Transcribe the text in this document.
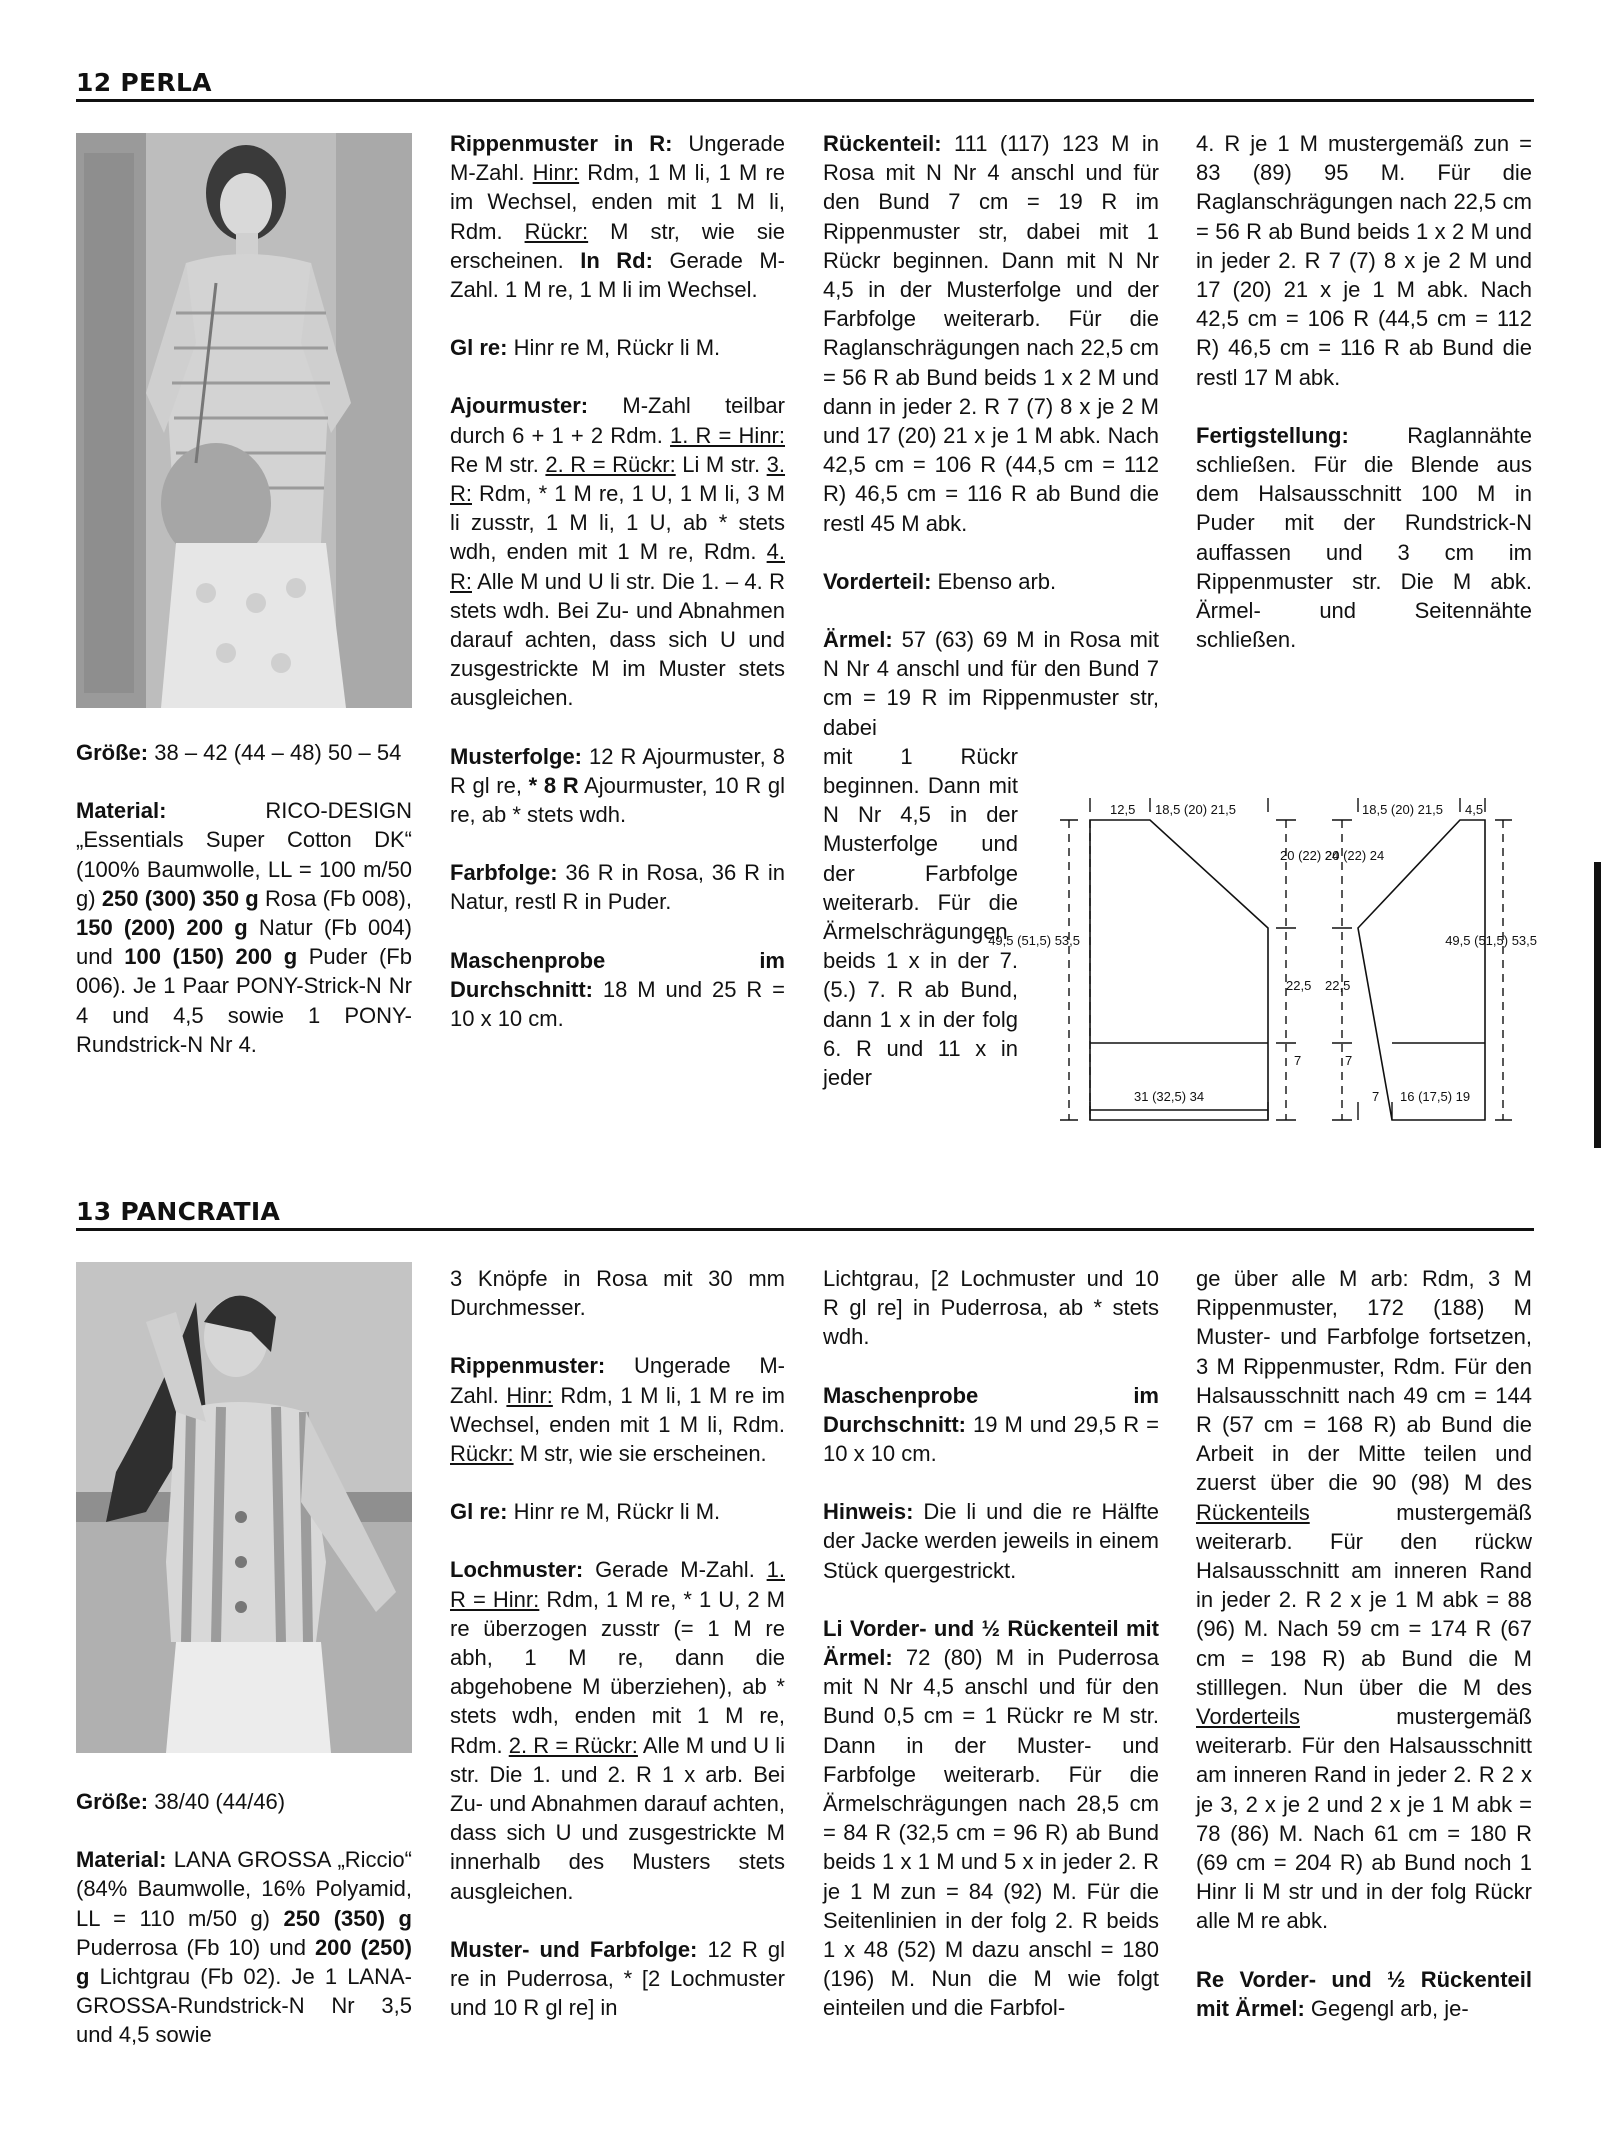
12 PERLA

Größe: 38 – 42 (44 – 48) 50 – 54

Material:	RICO-DESIGN „Essentials Super Cotton DK“ (100% Baumwolle, LL = 100 m/50 g) 250 (300) 350 g Rosa (Fb 008), 150 (200) 200 g Natur (Fb 004) und 100 (150) 200 g Puder (Fb 006). Je 1 Paar PONY-Strick-N Nr 4 und 4,5 sowie 1 PONY-Rundstrick-N Nr 4.

Rippenmuster in R: Ungerade M-Zahl. Hinr: Rdm, 1 M li, 1 M re im Wechsel, enden mit 1 M li, Rdm. Rückr: M str, wie sie erscheinen. In Rd: Gerade M-Zahl. 1 M re, 1 M li im Wechsel.

Gl re: Hinr re M, Rückr li M.

Ajourmuster: M-Zahl teilbar durch 6 + 1 + 2 Rdm. 1. R = Hinr: Re M str. 2. R = Rückr: Li M str. 3. R: Rdm, * 1 M re, 1 U, 1 M li, 3 M li zusstr, 1 M li, 1 U, ab * stets wdh, enden mit 1 M re, Rdm. 4. R: Alle M und U li str. Die 1. – 4. R stets wdh. Bei Zu- und Abnahmen darauf achten, dass sich U und zusgestrickte M im Muster stets ausgleichen.

Musterfolge: 12 R Ajourmuster, 8 R gl re, * 8 R Ajourmuster, 10 R gl re, ab * stets wdh.

Farbfolge: 36 R in Rosa, 36 R in Natur, restl R in Puder.

Maschenprobe im Durchschnitt: 18 M und 25 R = 10 x 10 cm.

Rückenteil: 111 (117) 123 M in Rosa mit N Nr 4 anschl und für den Bund 7 cm = 19 R im Rippenmuster str, dabei mit 1 Rückr beginnen. Dann mit N Nr 4,5 in der Musterfolge und der Farbfolge weiterarb. Für die Raglanschrägungen nach 22,5 cm = 56 R ab Bund beids 1 x 2 M und dann in jeder 2. R 7 (7) 8 x je 2 M und 17 (20) 21 x je 1 M abk. Nach 42,5 cm = 106 R (44,5 cm = 112 R) 46,5 cm = 116 R ab Bund die restl 45 M abk.

Vorderteil: Ebenso arb.

Ärmel: 57 (63) 69 M in Rosa mit N Nr 4 anschl und für den Bund 7 cm = 19 R im Rippenmuster str, dabei

mit 1 Rückr beginnen. Dann mit N Nr 4,5 in der Musterfolge und der Farbfolge weiterarb. Für die Ärmelschrägungen beids 1 x in der 7. (5.) 7. R ab Bund, dann 1 x in der folg 6. R und 11 x in jeder

4. R je 1 M mustergemäß zun = 83 (89) 95 M. Für die Raglanschrägungen nach 22,5 cm = 56 R ab Bund beids 1 x 2 M und in jeder 2. R 7 (7) 8 x je 2 M und 17 (20) 21 x je 1 M abk. Nach 42,5 cm = 106 R (44,5 cm = 112 R) 46,5 cm = 116 R ab Bund die restl 17 M abk.

Fertigstellung:	Raglannähte schließen. Für die Blende aus dem Halsausschnitt 100 M in Puder mit der Rundstrick-N auffassen und 3 cm im Rippenmuster str. Die M abk. Ärmel- und Seitennähte schließen.

12,5 18,5 (20) 21,5
49,5 (51,5) 53,5
20 (22) 24
22,5
7
31 (32,5) 34
18,5 (20) 21,5 4,5
20 (22) 24
22,5
7
49,5 (51,5) 53,5
7 16 (17,5) 19
13 PANCRATIA

Größe: 38/40 (44/46)

Material: LANA GROSSA „Riccio“ (84% Baumwolle, 16% Polyamid, LL = 110 m/50 g) 250 (350) g Puderrosa (Fb 10) und 200 (250) g Lichtgrau (Fb 02). Je 1 LANA-GROSSA-Rundstrick-N Nr 3,5 und 4,5 sowie

3 Knöpfe in Rosa mit 30 mm Durchmesser.

Rippenmuster: Ungerade M-Zahl. Hinr: Rdm, 1 M li, 1 M re im Wechsel, enden mit 1 M li, Rdm. Rückr: M str, wie sie erscheinen.

Gl re: Hinr re M, Rückr li M.

Lochmuster: Gerade M-Zahl. 1. R = Hinr: Rdm, 1 M re, * 1 U, 2 M re überzogen zusstr (= 1 M re abh, 1 M re, dann die abgehobene M überziehen), ab * stets wdh, enden mit 1 M re, Rdm. 2. R = Rückr: Alle M und U li str. Die 1. und 2. R 1 x arb. Bei Zu- und Abnahmen darauf achten, dass sich U und zusgestrickte M innerhalb des Musters stets ausgleichen.

Muster- und Farbfolge: 12 R gl re in Puderrosa, * [2 Lochmuster und 10 R gl re] in

Lichtgrau, [2 Lochmuster und 10 R gl re] in Puderrosa, ab * stets wdh.

Maschenprobe im Durchschnitt: 19 M und 29,5 R = 10 x 10 cm.

Hinweis: Die li und die re Hälfte der Jacke werden jeweils in einem Stück quergestrickt.

Li Vorder- und ½ Rückenteil mit Ärmel: 72 (80) M in Puderrosa mit N Nr 4,5 anschl und für den Bund 0,5 cm = 1 Rückr re M str. Dann in der Muster- und Farbfolge weiterarb. Für die Ärmelschrägungen nach 28,5 cm = 84 R (32,5 cm = 96 R) ab Bund beids 1 x 1 M und 5 x in jeder 2. R je 1 M zun = 84 (92) M. Für die Seitenlinien in der folg 2. R beids 1 x 48 (52) M dazu anschl = 180 (196) M. Nun die M wie folgt einteilen und die Farbfol-

ge über alle M arb: Rdm, 3 M Rippenmuster, 172 (188) M Muster- und Farbfolge fortsetzen, 3 M Rippenmuster, Rdm. Für den Halsausschnitt nach 49 cm = 144 R (57 cm = 168 R) ab Bund die Arbeit in der Mitte teilen und zuerst über die 90 (98) M des Rückenteils	mustergemäß weiterarb. Für den rückw Halsausschnitt am inneren Rand in jeder 2. R 2 x je 1 M abk = 88 (96) M. Nach 59 cm = 174 R (67 cm = 198 R) ab Bund die M stilllegen. Nun über die M des Vorderteils	mustergemäß weiterarb. Für den Halsausschnitt am inneren Rand in jeder 2. R 2 x je 3, 2 x je 2 und 2 x je 1 M abk = 78 (86) M. Nach 61 cm = 180 R (69 cm = 204 R) ab Bund noch 1 Hinr li M str und in der folg Rückr alle M re abk.

Re Vorder- und ½ Rückenteil mit Ärmel: Gegengl arb, je-
